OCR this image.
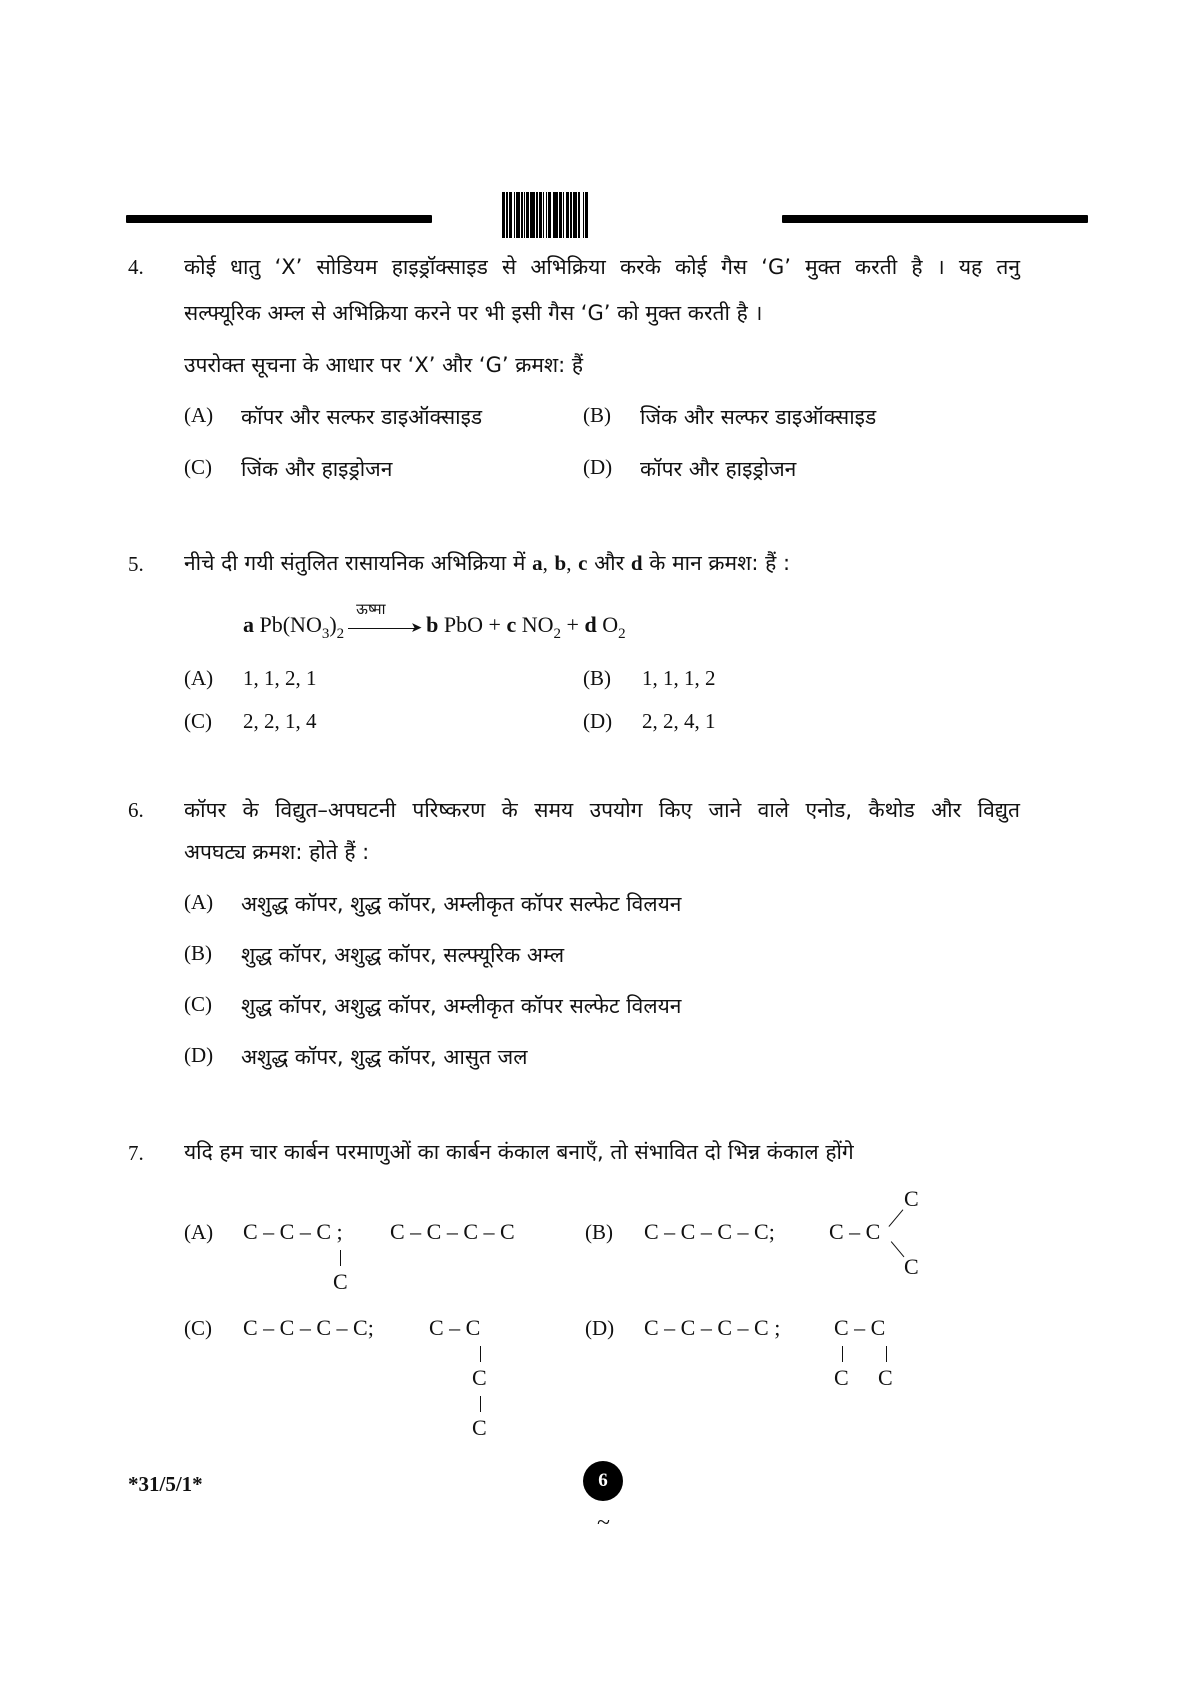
4. कोई धातु ‘X’ सोडियम हाइड्रॉक्साइड से अभिक्रिया करके कोई गैस ‘G’ मुक्त करती है । यह तनु
सल्फ्यूरिक अम्ल से अभिक्रिया करने पर भी इसी गैस ‘G’ को मुक्त करती है ।
उपरोक्त सूचना के आधार पर ‘X’ और ‘G’ क्रमश: हैं
(A) कॉपर और सल्फर डाइऑक्साइड	(B) जिंक और सल्फर डाइऑक्साइड
(C) जिंक और हाइड्रोजन	(D) कॉपर और हाइड्रोजन
5. नीचे दी गयी संतुलित रासायनिक अभिक्रिया में a, b, c और d के मान क्रमश: हैं :
a $Pb(NO_3)_2$
ऊष्मा
➤ b PbO + c $NO_2 + d$ $O_2$
(A) 1, 1, 2, 1	(B) 1, 1, 1, 2
(C) 2, 2, 1, 4	(D) 2, 2, 4, 1
6. कॉपर के विद्युत–अपघटनी परिष्करण के समय उपयोग किए जाने वाले एनोड, कैथोड और विद्युत
अपघट्य क्रमश: होते हैं :
(A) अशुद्ध कॉपर, शुद्ध कॉपर, अम्लीकृत कॉपर सल्फेट विलयन
(B) शुद्ध कॉपर, अशुद्ध कॉपर, सल्फ्यूरिक अम्ल
(C) शुद्ध कॉपर, अशुद्ध कॉपर, अम्लीकृत कॉपर सल्फेट विलयन
(D) अशुद्ध कॉपर, शुद्ध कॉपर, आसुत जल
7. यदि हम चार कार्बन परमाणुओं का कार्बन कंकाल बनाएँ, तो संभावित दो भिन्न कंकाल होंगे
(A) C – C – C ;
C
C – C – C – C	(B) C – C – C – C; C – C
C
C
(C) C – C – C – C;	C – C
C
C
(D) C – C – C – C ; C – C
C C
*31/5/1*	6
~
